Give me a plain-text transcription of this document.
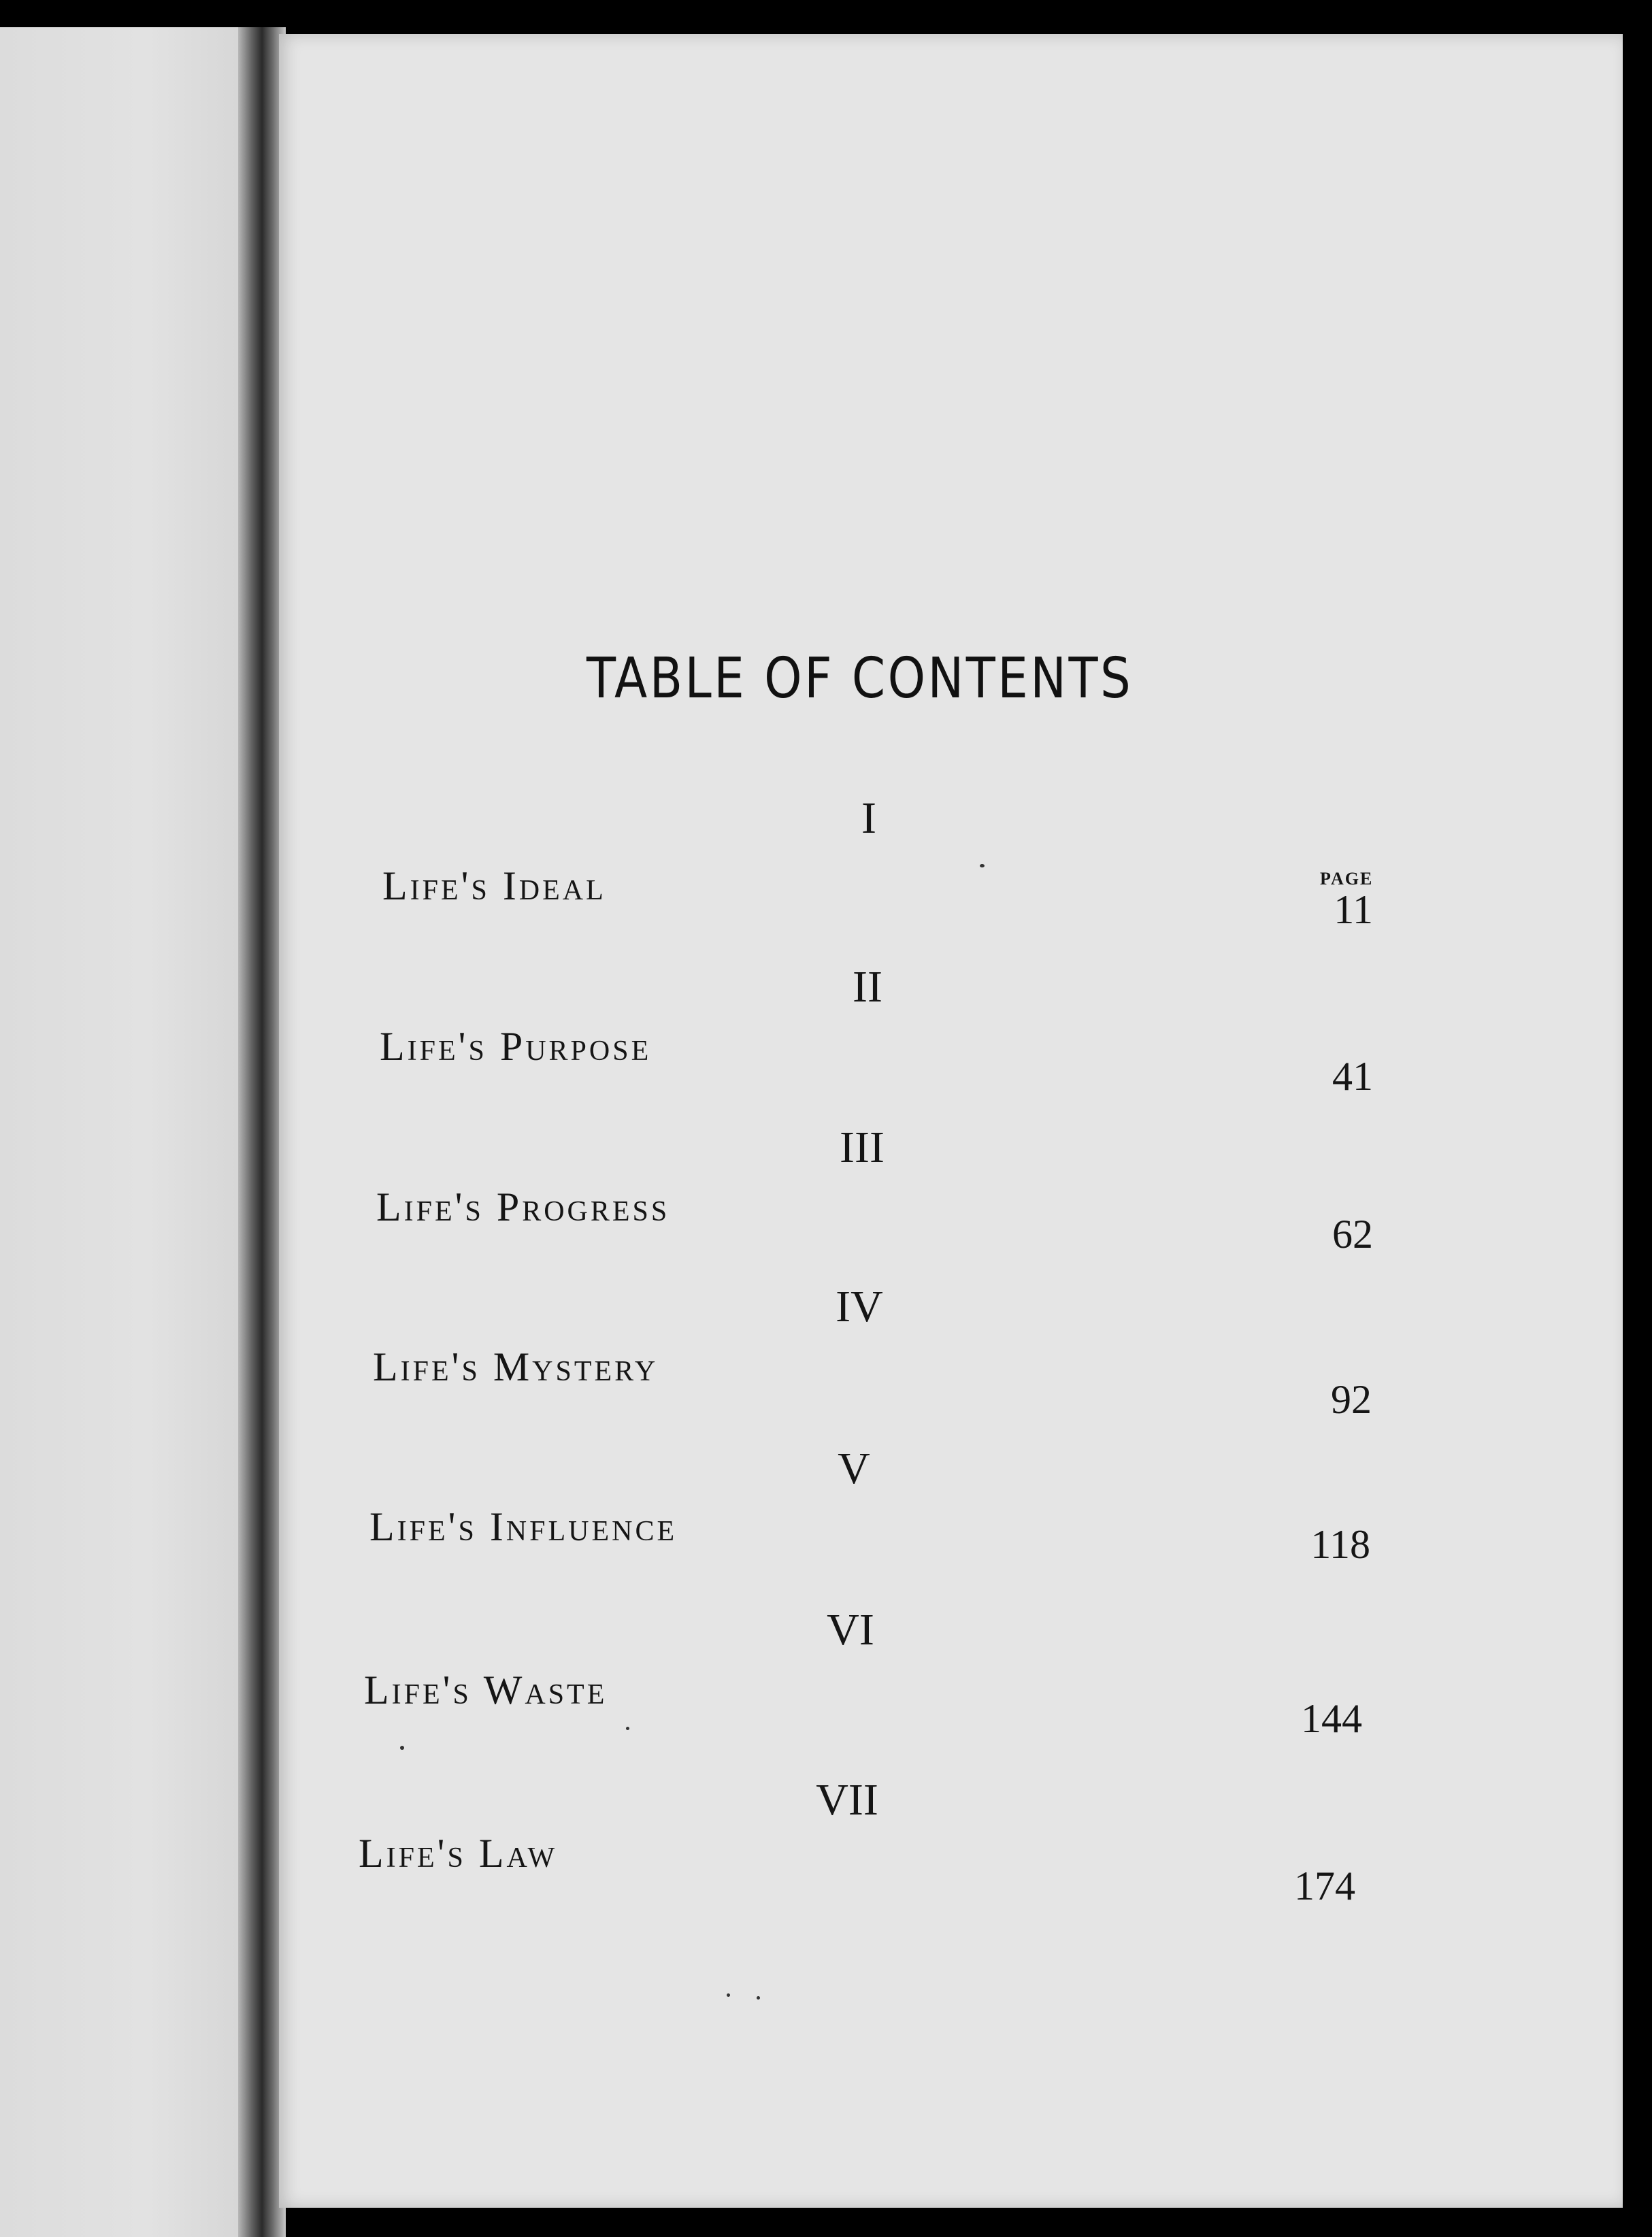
TABLE OF CONTENTS
PAGE
I
Life's Ideal
11
II
Life's Purpose
41
III
Life's Progress
62
IV
Life's Mystery
92
V
Life's Influence	118
VI
Life's Waste
144
VII
Life's Law
174
